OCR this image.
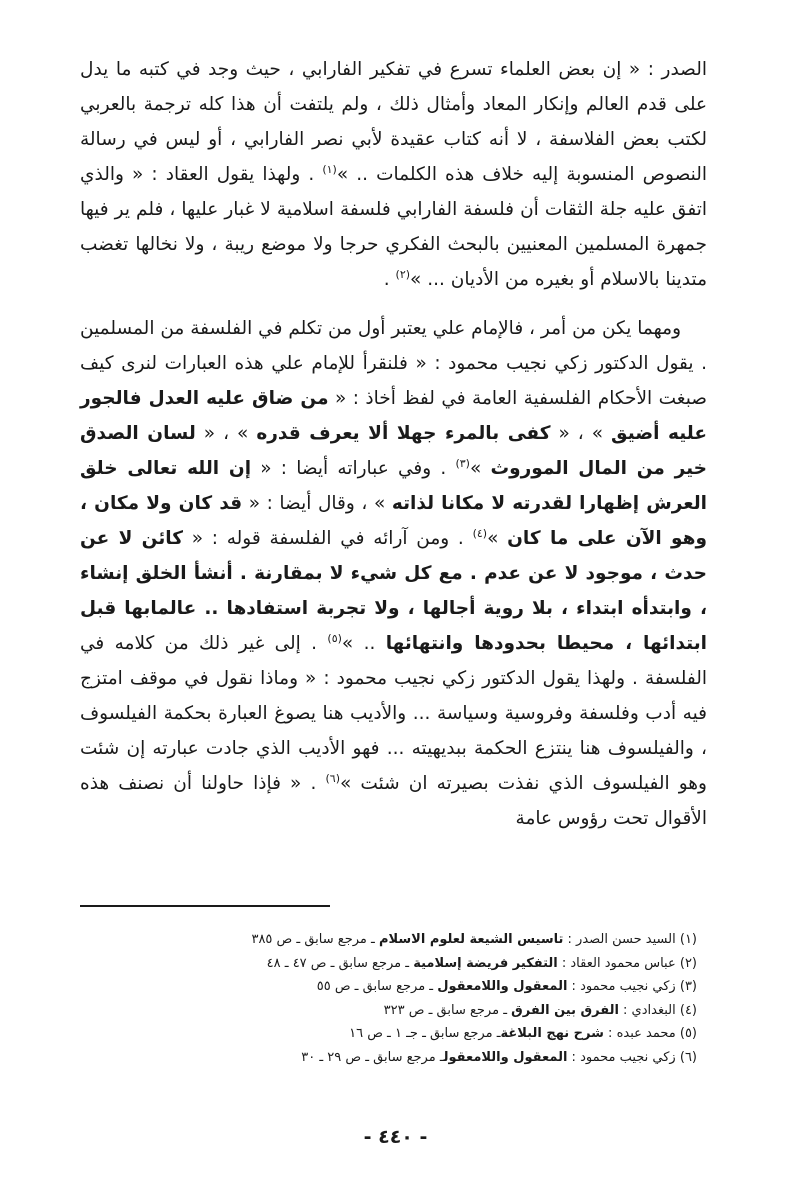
الصدر : « إن بعض العلماء تسرع في تفكير الفارابي ، حيث وجد في كتبه ما يدل على قدم العالم وإنكار المعاد وأمثال ذلك ، ولم يلتفت أن هذا كله ترجمة بالعربي لكتب بعض الفلاسفة ، لا أنه كتاب عقيدة لأبي نصر الفارابي ، أو ليس في رسالة النصوص المنسوبة إليه خلاف هذه الكلمات .. »$^{(١)}$ . ولهذا يقول العقاد : « والذي اتفق عليه جلة الثقات أن فلسفة الفارابي فلسفة اسلامية لا غبار عليها ، فلم ير فيها جمهرة المسلمين المعنيين بالبحث الفكري حرجا ولا موضع ريبة ، ولا نخالها تغضب متدينا بالاسلام أو بغيره من الأديان ... »$^{(٢)}$ .

ومهما يكن من أمر ، فالإمام علي يعتبر أول من تكلم في الفلسفة من المسلمين . يقول الدكتور زكي نجيب محمود : « فلنقرأ للإمام علي هذه العبارات لنرى كيف صبغت الأحكام الفلسفية العامة في لفظ أخاذ : « من ضاق عليه العدل فالجور عليه أضيق » ، « كفى بالمرء جهلا ألا يعرف قدره » ، « لسان الصدق خير من المال الموروث »$^{(٣)}$ . وفي عباراته أيضا : « إن الله تعالى خلق العرش إظهارا لقدرته لا مكانا لذاته » ، وقال أيضا : « قد كان ولا مكان ، وهو الآن على ما كان »$^{(٤)}$ . ومن آرائه في الفلسفة قوله : « كائن لا عن حدث ، موجود لا عن عدم . مع كل شيء لا بمقارنة . أنشأ الخلق إنشاء ، وابتدأه ابتداء ، بلا روية أجالها ، ولا تجربة استفادها .. عالمابها قبل ابتدائها ، محيطا بحدودها وانتهائها .. »$^{(٥)}$ . إلى غير ذلك من كلامه في الفلسفة . ولهذا يقول الدكتور زكي نجيب محمود : « وماذا نقول في موقف امتزج فيه أدب وفلسفة وفروسية وسياسة ... والأديب هنا يصوغ العبارة بحكمة الفيلسوف ، والفيلسوف هنا ينتزع الحكمة ببديهيته ... فهو الأديب الذي جادت عبارته إن شئت وهو الفيلسوف الذي نفذت بصيرته ان شئت »$^{(٦)}$ . « فإذا حاولنا أن نصنف هذه الأقوال تحت رؤوس عامة

(١) السيد حسن الصدر : تاسيس الشيعة لعلوم الاسلام ـ مرجع سابق ـ ص ٣٨٥
(٢) عباس محمود العقاد : التفكير فريضة إسلامية ـ مرجع سابق ـ ص ٤٧ ـ ٤٨
(٣) زكي نجيب محمود : المعقول واللامعقول ـ مرجع سابق ـ ص ٥٥
(٤) البغدادي : الفرق بين الفرق ـ مرجع سابق ـ ص ٣٢٣
(٥) محمد عبده : شرح نهج البلاغةـ مرجع سابق ـ جـ ١ ـ ص ١٦
(٦) زكي نجيب محمود : المعقول واللامعقولـ مرجع سابق ـ ص ٢٩ ـ ٣٠
- ٤٤٠ -
